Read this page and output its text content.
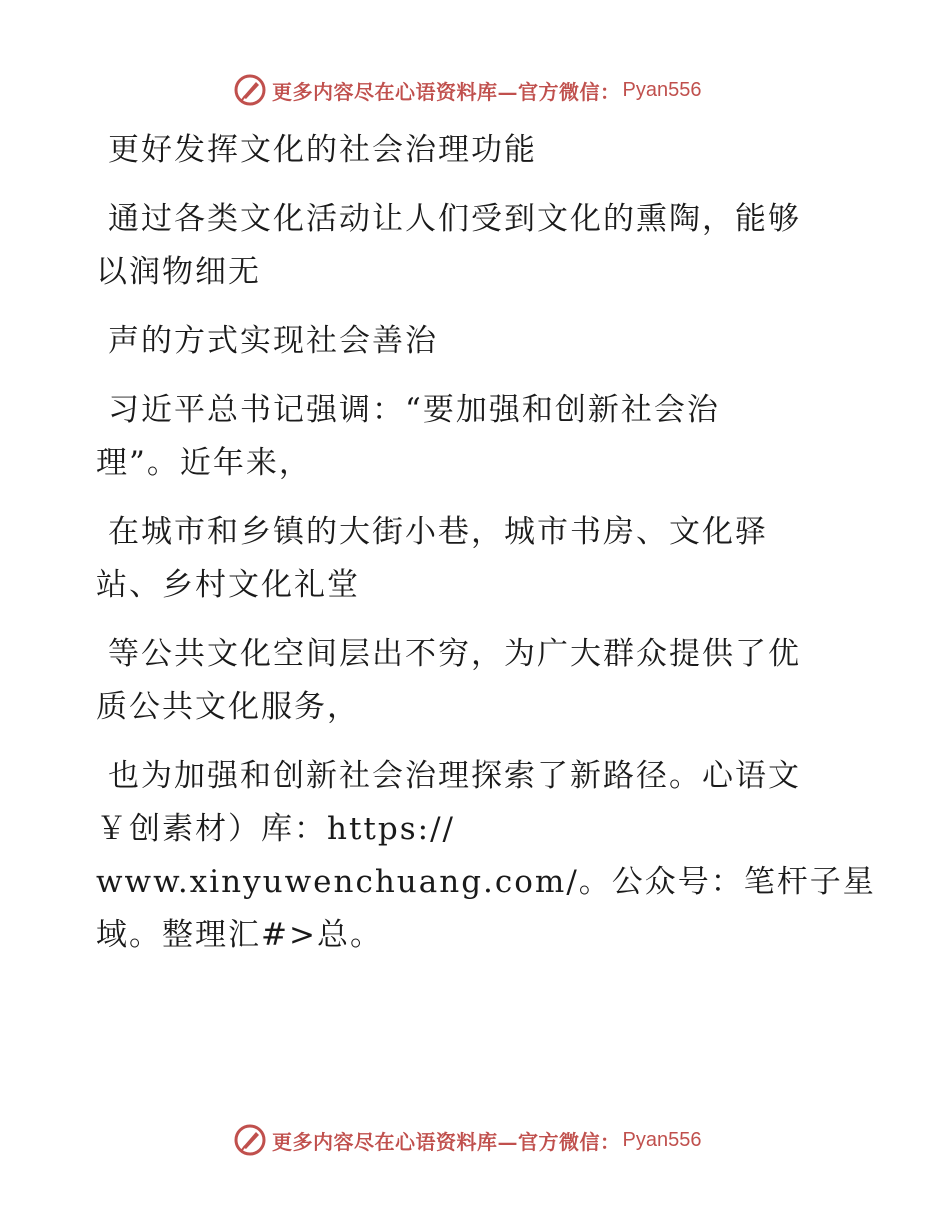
更多内容尽在心语资料库—官方微信： Pyan556

更好发挥文化的社会治理功能

通过各类文化活动让人们受到文化的熏陶，能够
以润物细无

声的方式实现社会善治

习近平总书记强调：“要加强和创新社会治
理”。近年来，

在城市和乡镇的大街小巷，城市书房、文化驿
站、乡村文化礼堂

等公共文化空间层出不穷，为广大群众提供了优
质公共文化服务，

也为加强和创新社会治理探索了新路径。心语文
￥创素材）库：https://
www.xinyuwenchuang.com/。公众号：笔杆子星
域。整理汇#>总。

更多内容尽在心语资料库—官方微信： Pyan556
